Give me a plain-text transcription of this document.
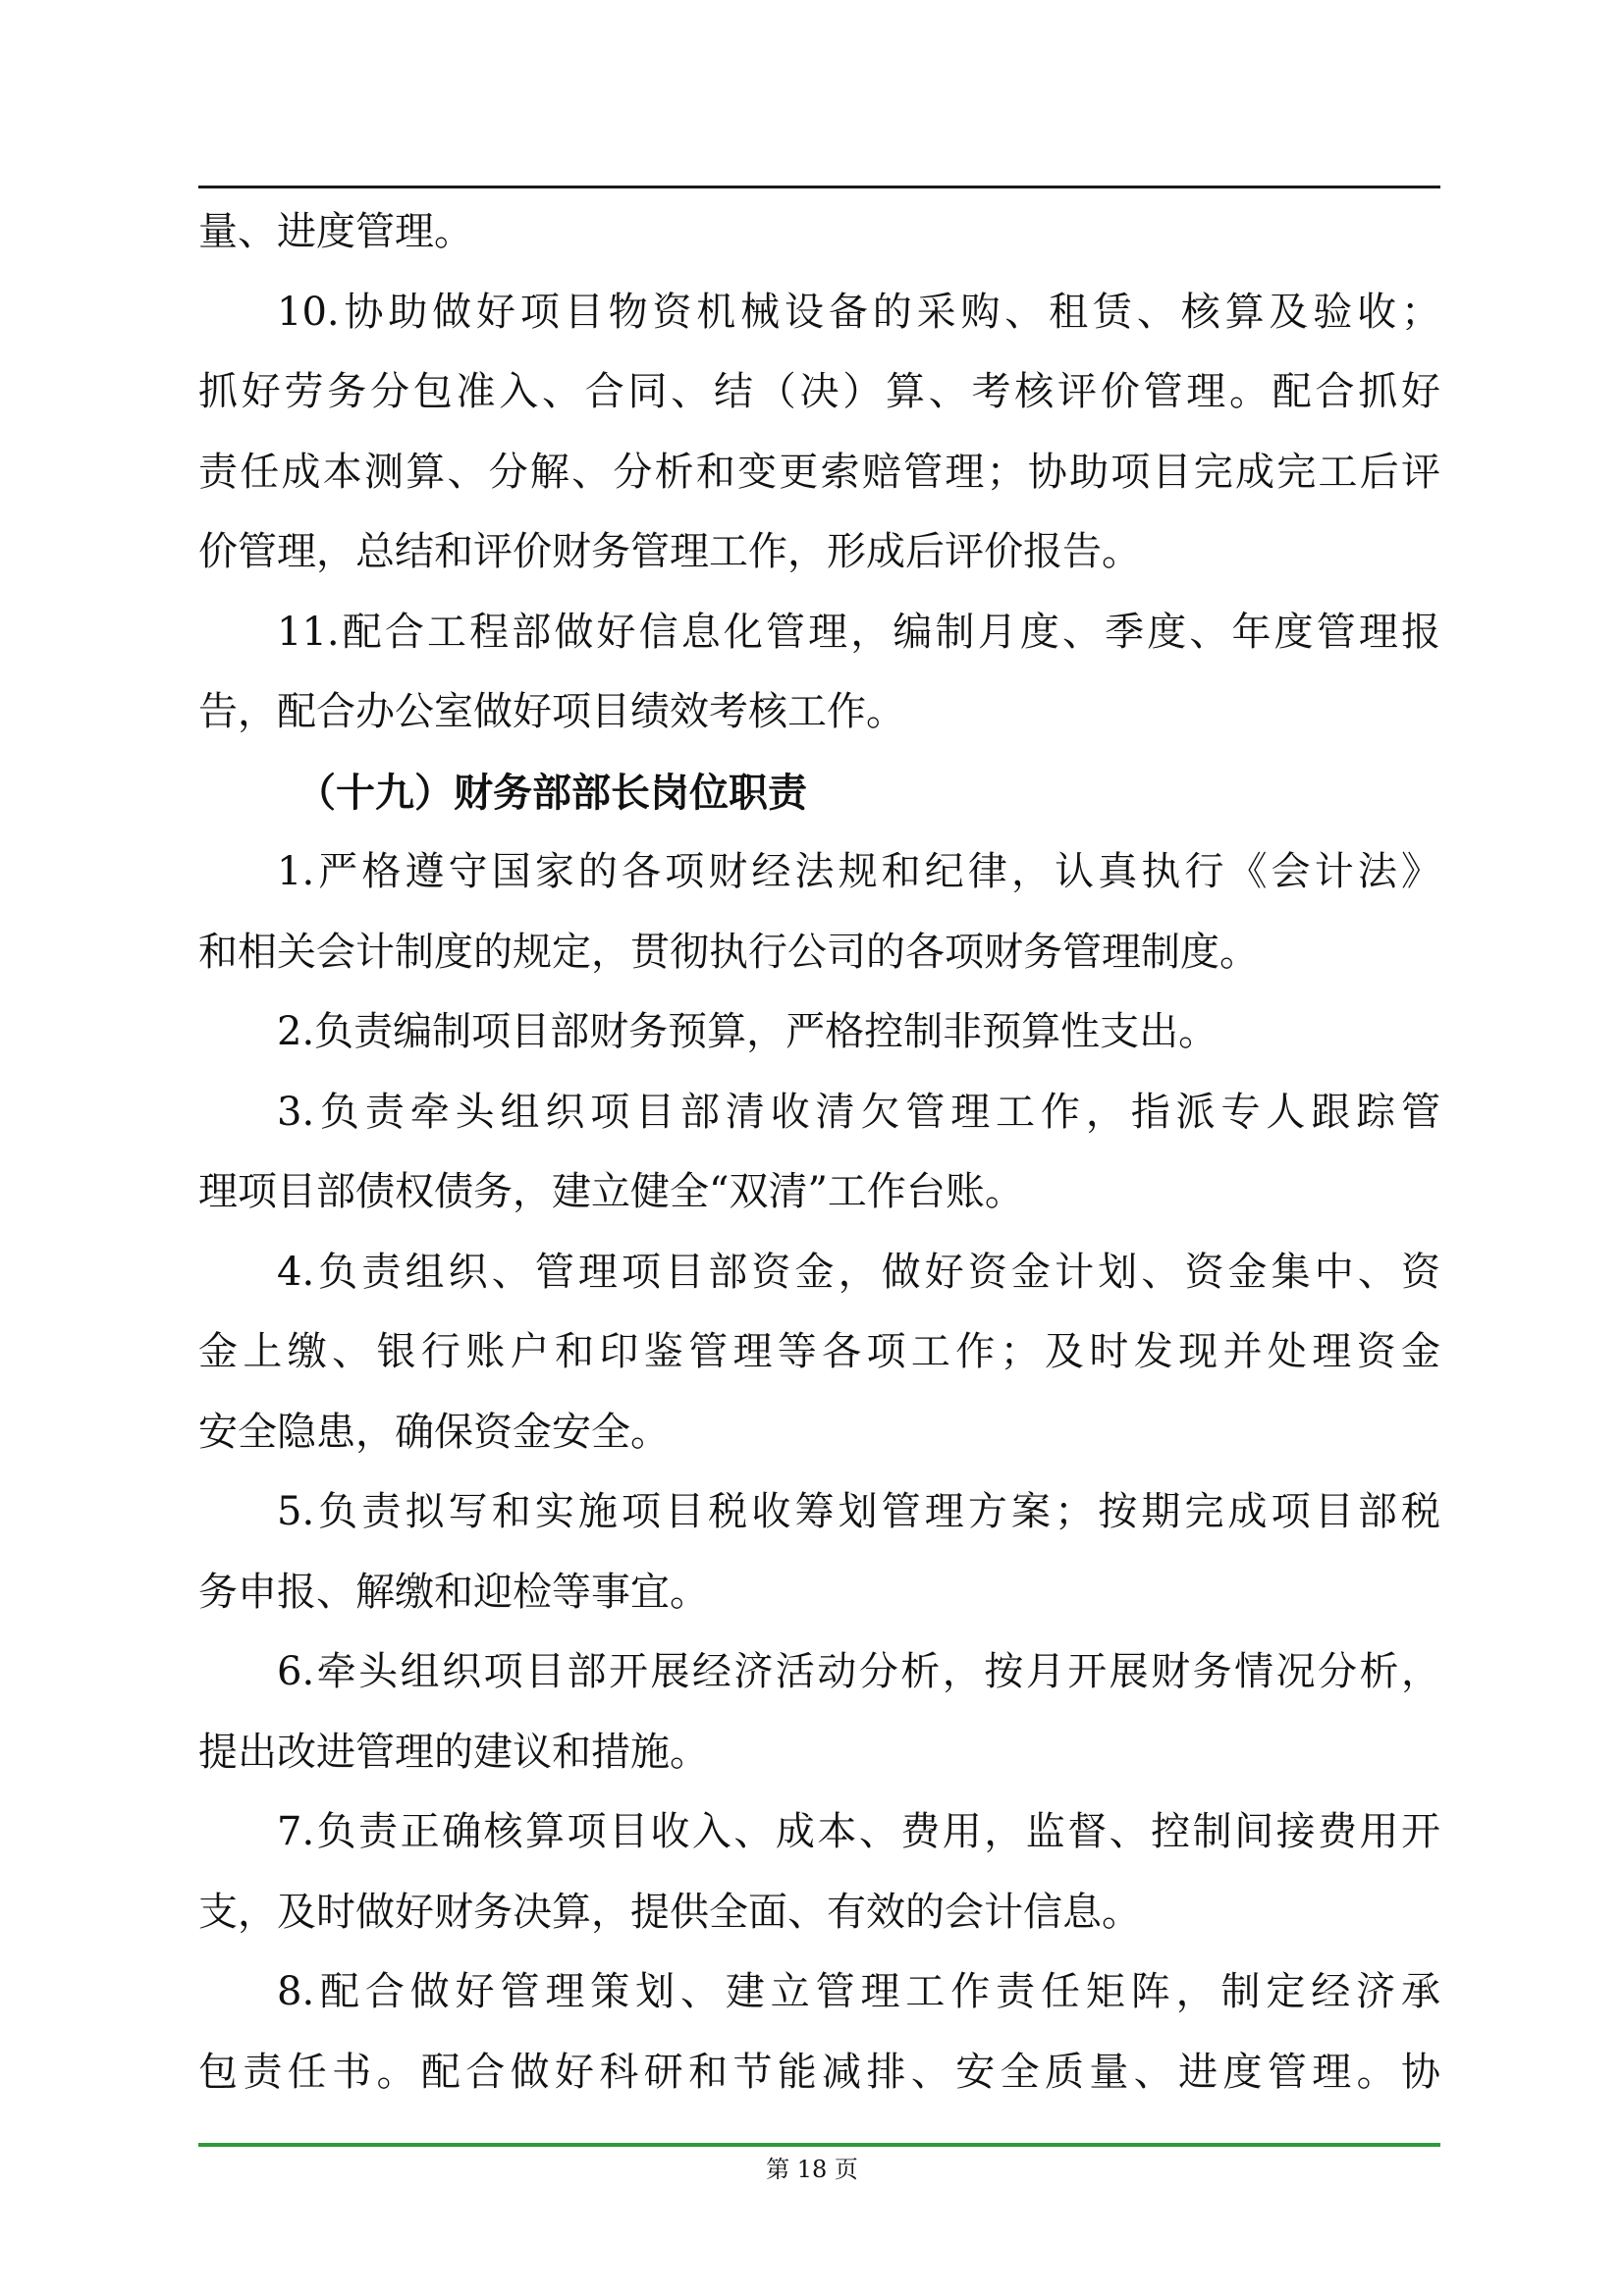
量、进度管理。
10.协助做好项目物资机械设备的采购、租赁、核算及验收；
抓好劳务分包准入、合同、结（决）算、考核评价管理。配合抓好
责任成本测算、分解、分析和变更索赔管理；协助项目完成完工后评
价管理，总结和评价财务管理工作，形成后评价报告。
11.配合工程部做好信息化管理，编制月度、季度、年度管理报
告，配合办公室做好项目绩效考核工作。
（十九）财务部部长岗位职责
1.严格遵守国家的各项财经法规和纪律，认真执行《会计法》
和相关会计制度的规定，贯彻执行公司的各项财务管理制度。
2.负责编制项目部财务预算，严格控制非预算性支出。
3.负责牵头组织项目部清收清欠管理工作，指派专人跟踪管
理项目部债权债务，建立健全“双清”工作台账。
4.负责组织、管理项目部资金，做好资金计划、资金集中、资
金上缴、银行账户和印鉴管理等各项工作；及时发现并处理资金
安全隐患，确保资金安全。
5.负责拟写和实施项目税收筹划管理方案；按期完成项目部税
务申报、解缴和迎检等事宜。
6.牵头组织项目部开展经济活动分析，按月开展财务情况分析，
提出改进管理的建议和措施。
7.负责正确核算项目收入、成本、费用，监督、控制间接费用开
支，及时做好财务决算，提供全面、有效的会计信息。
8.配合做好管理策划、建立管理工作责任矩阵，制定经济承
包责任书。配合做好科研和节能减排、安全质量、进度管理。协
第 18 页
